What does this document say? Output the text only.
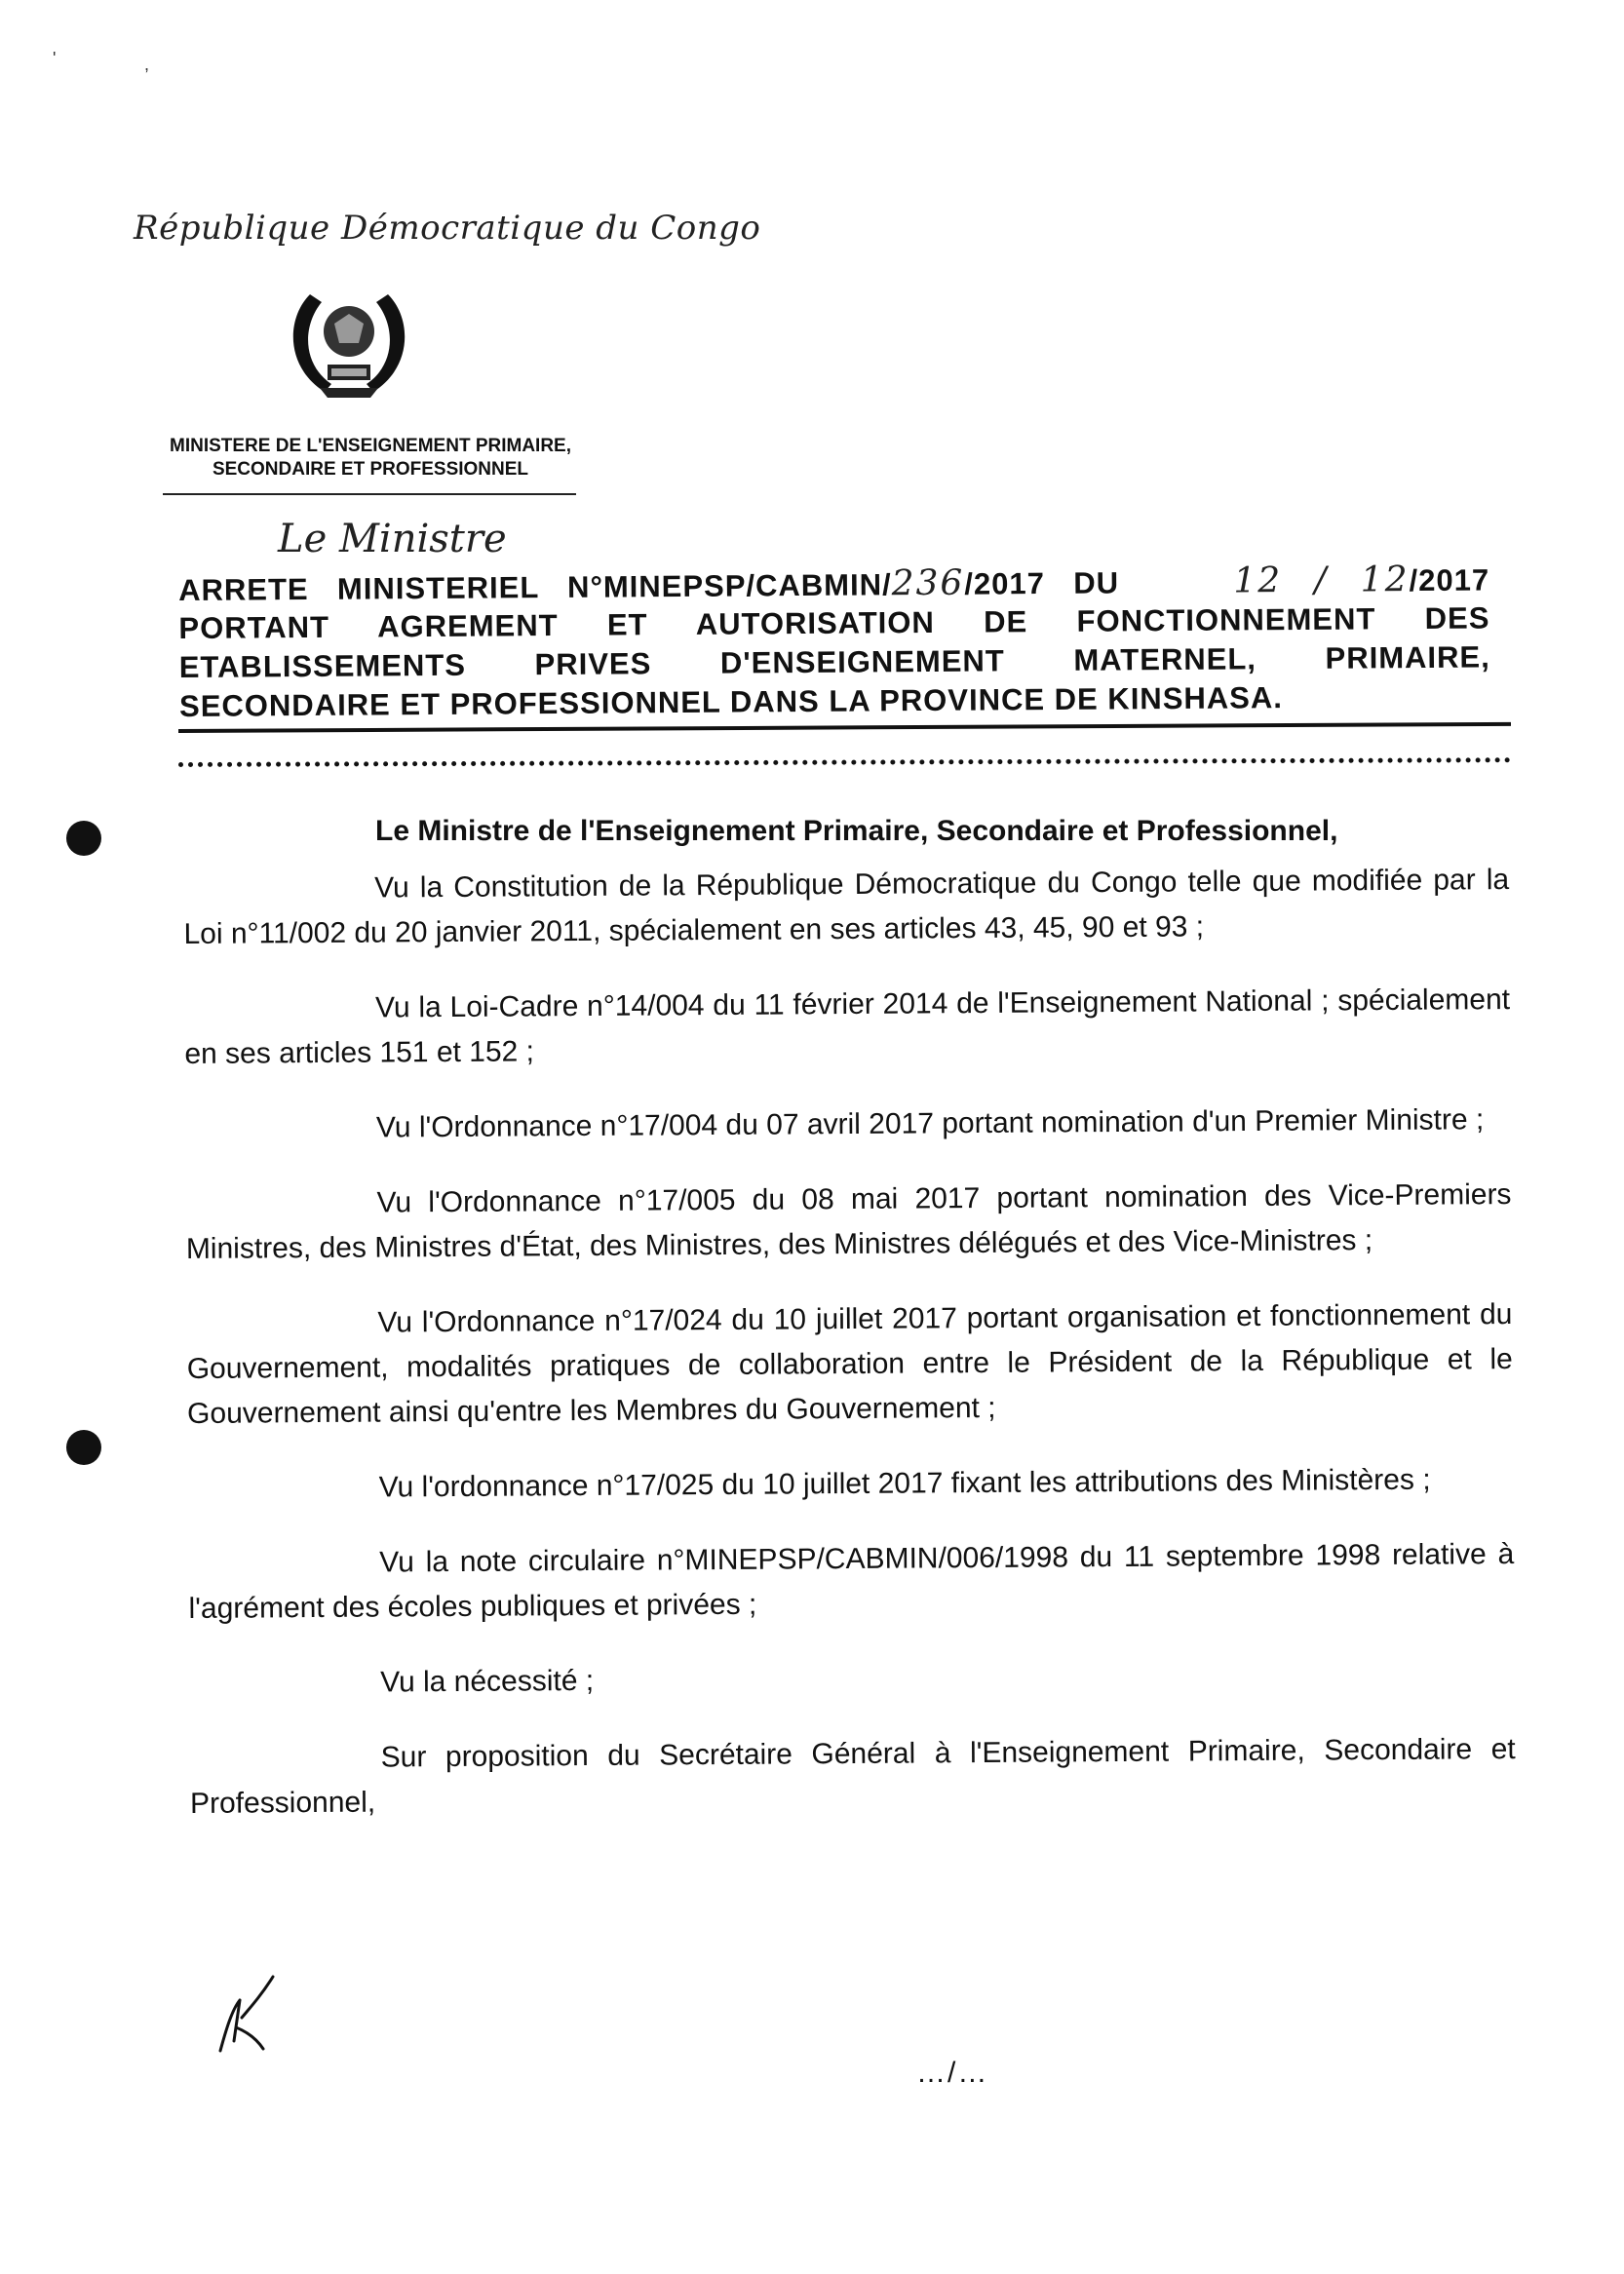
'	,
République Démocratique du Congo
MINISTERE DE L'ENSEIGNEMENT PRIMAIRE,
SECONDAIRE ET PROFESSIONNEL
Le Ministre
ARRETE MINISTERIEL N°MINEPSP/CABMIN/236/2017 DU	12 / 12/2017
PORTANT AGREMENT ET AUTORISATION DE FONCTIONNEMENT DES
ETABLISSEMENTS PRIVES D'ENSEIGNEMENT MATERNEL, PRIMAIRE,
SECONDAIRE ET PROFESSIONNEL DANS LA PROVINCE DE KINSHASA.
Le Ministre de l'Enseignement Primaire, Secondaire et Professionnel,

Vu la Constitution de la République Démocratique du Congo telle que modifiée par la Loi n°11/002 du 20 janvier 2011, spécialement en ses articles 43, 45, 90 et 93 ;

Vu la Loi-Cadre n°14/004 du 11 février 2014 de l'Enseignement National ; spécialement en ses articles 151 et 152 ;

Vu l'Ordonnance n°17/004 du 07 avril 2017 portant nomination d'un Premier Ministre ;

Vu l'Ordonnance n°17/005 du 08 mai 2017 portant nomination des Vice-Premiers Ministres, des Ministres d'État, des Ministres, des Ministres délégués et des Vice-Ministres ;

Vu l'Ordonnance n°17/024 du 10 juillet 2017 portant organisation et fonctionnement du Gouvernement, modalités pratiques de collaboration entre le Président de la République et le Gouvernement ainsi qu'entre les Membres du Gouvernement ;

Vu l'ordonnance n°17/025 du 10 juillet 2017 fixant les attributions des Ministères ;

Vu la note circulaire n°MINEPSP/CABMIN/006/1998 du 11 septembre 1998 relative à l'agrément des écoles publiques et privées ;

Vu la nécessité ;

Sur proposition du Secrétaire Général à l'Enseignement Primaire, Secondaire et Professionnel,

…/…
